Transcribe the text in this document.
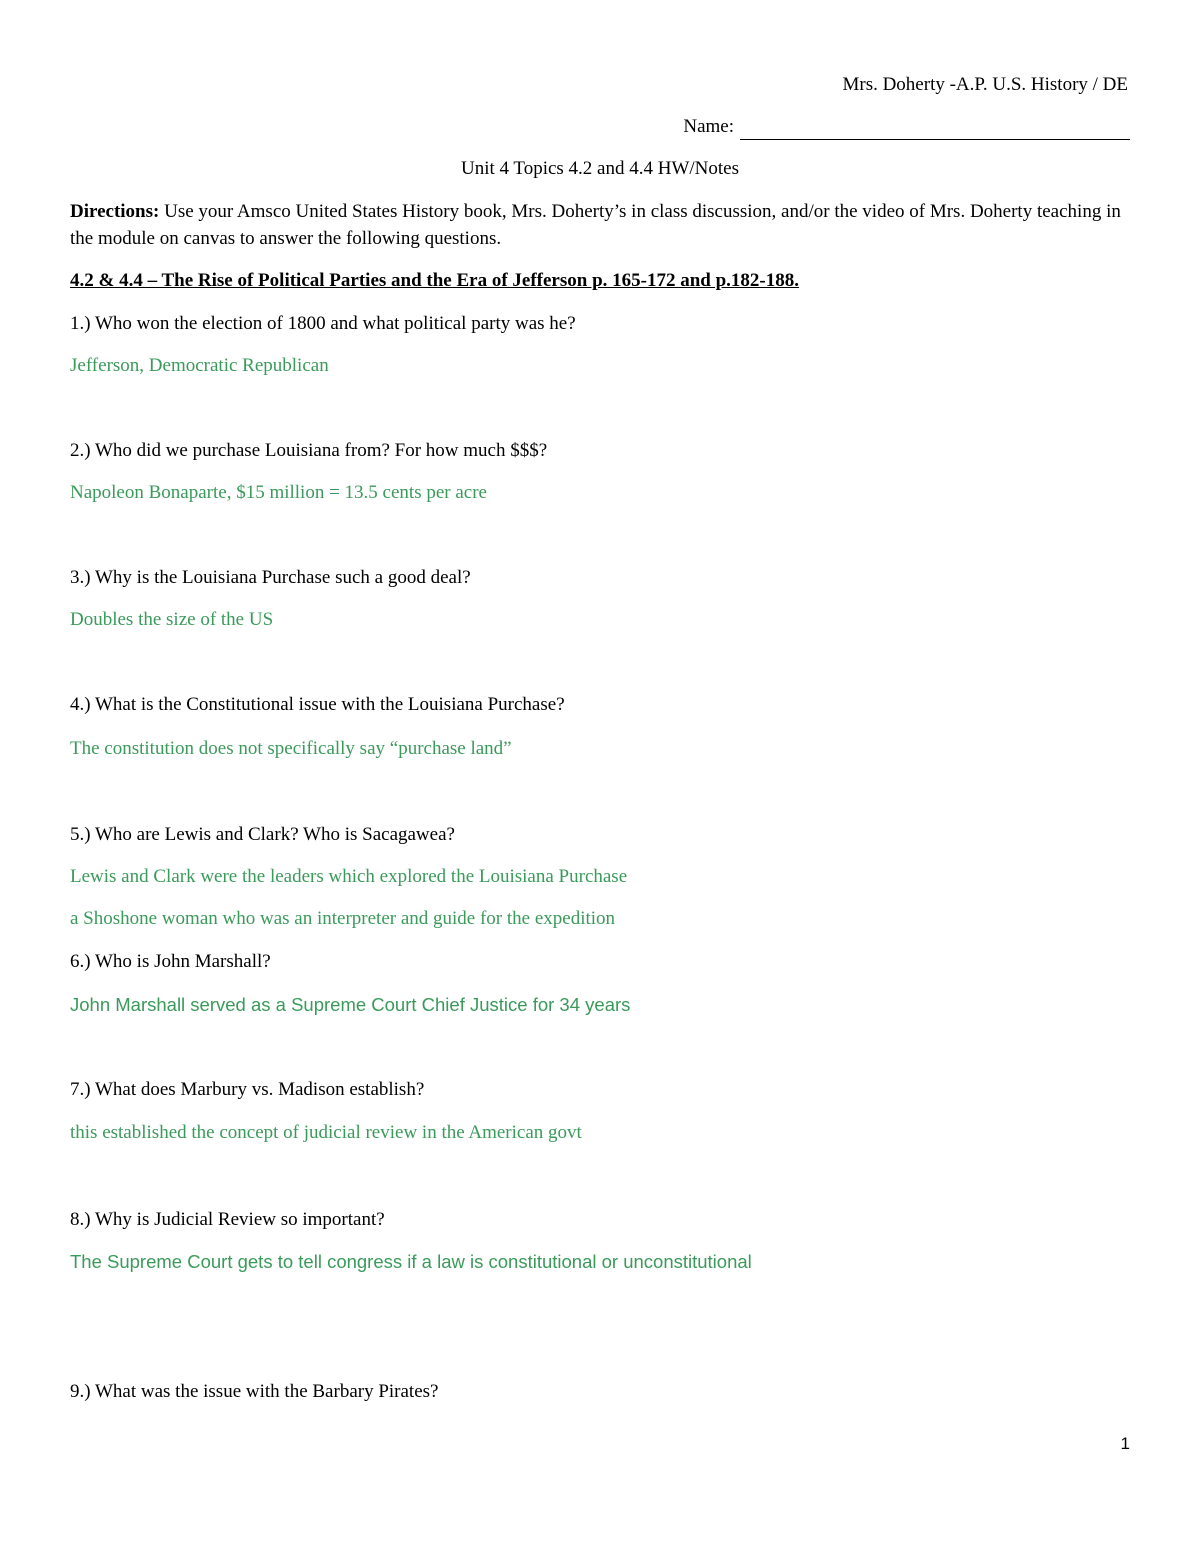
Mrs. Doherty -A.P. U.S. History / DE
Name:
Unit 4 Topics 4.2 and 4.4 HW/Notes
Directions: Use your Amsco United States History book, Mrs. Doherty’s in class discussion, and/or the video of Mrs. Doherty teaching in the module on canvas to answer the following questions.
4.2 & 4.4 – The Rise of Political Parties and the Era of Jefferson p. 165-172 and p.182-188.
1.) Who won the election of 1800 and what political party was he?
Jefferson, Democratic Republican
2.) Who did we purchase Louisiana from? For how much $$$?
Napoleon Bonaparte, $15 million = 13.5 cents per acre
3.) Why is the Louisiana Purchase such a good deal?
Doubles the size of the US
4.) What is the Constitutional issue with the Louisiana Purchase?
The constitution does not specifically say “purchase land”
5.) Who are Lewis and Clark? Who is Sacagawea?
Lewis and Clark were the leaders which explored the Louisiana Purchase
a Shoshone woman who was an interpreter and guide for the expedition
6.) Who is John Marshall?
John Marshall served as a Supreme Court Chief Justice for 34 years
7.) What does Marbury vs. Madison establish?
this established the concept of judicial review in the American govt
8.) Why is Judicial Review so important?
The Supreme Court gets to tell congress if a law is constitutional or unconstitutional
9.) What was the issue with the Barbary Pirates?
1
